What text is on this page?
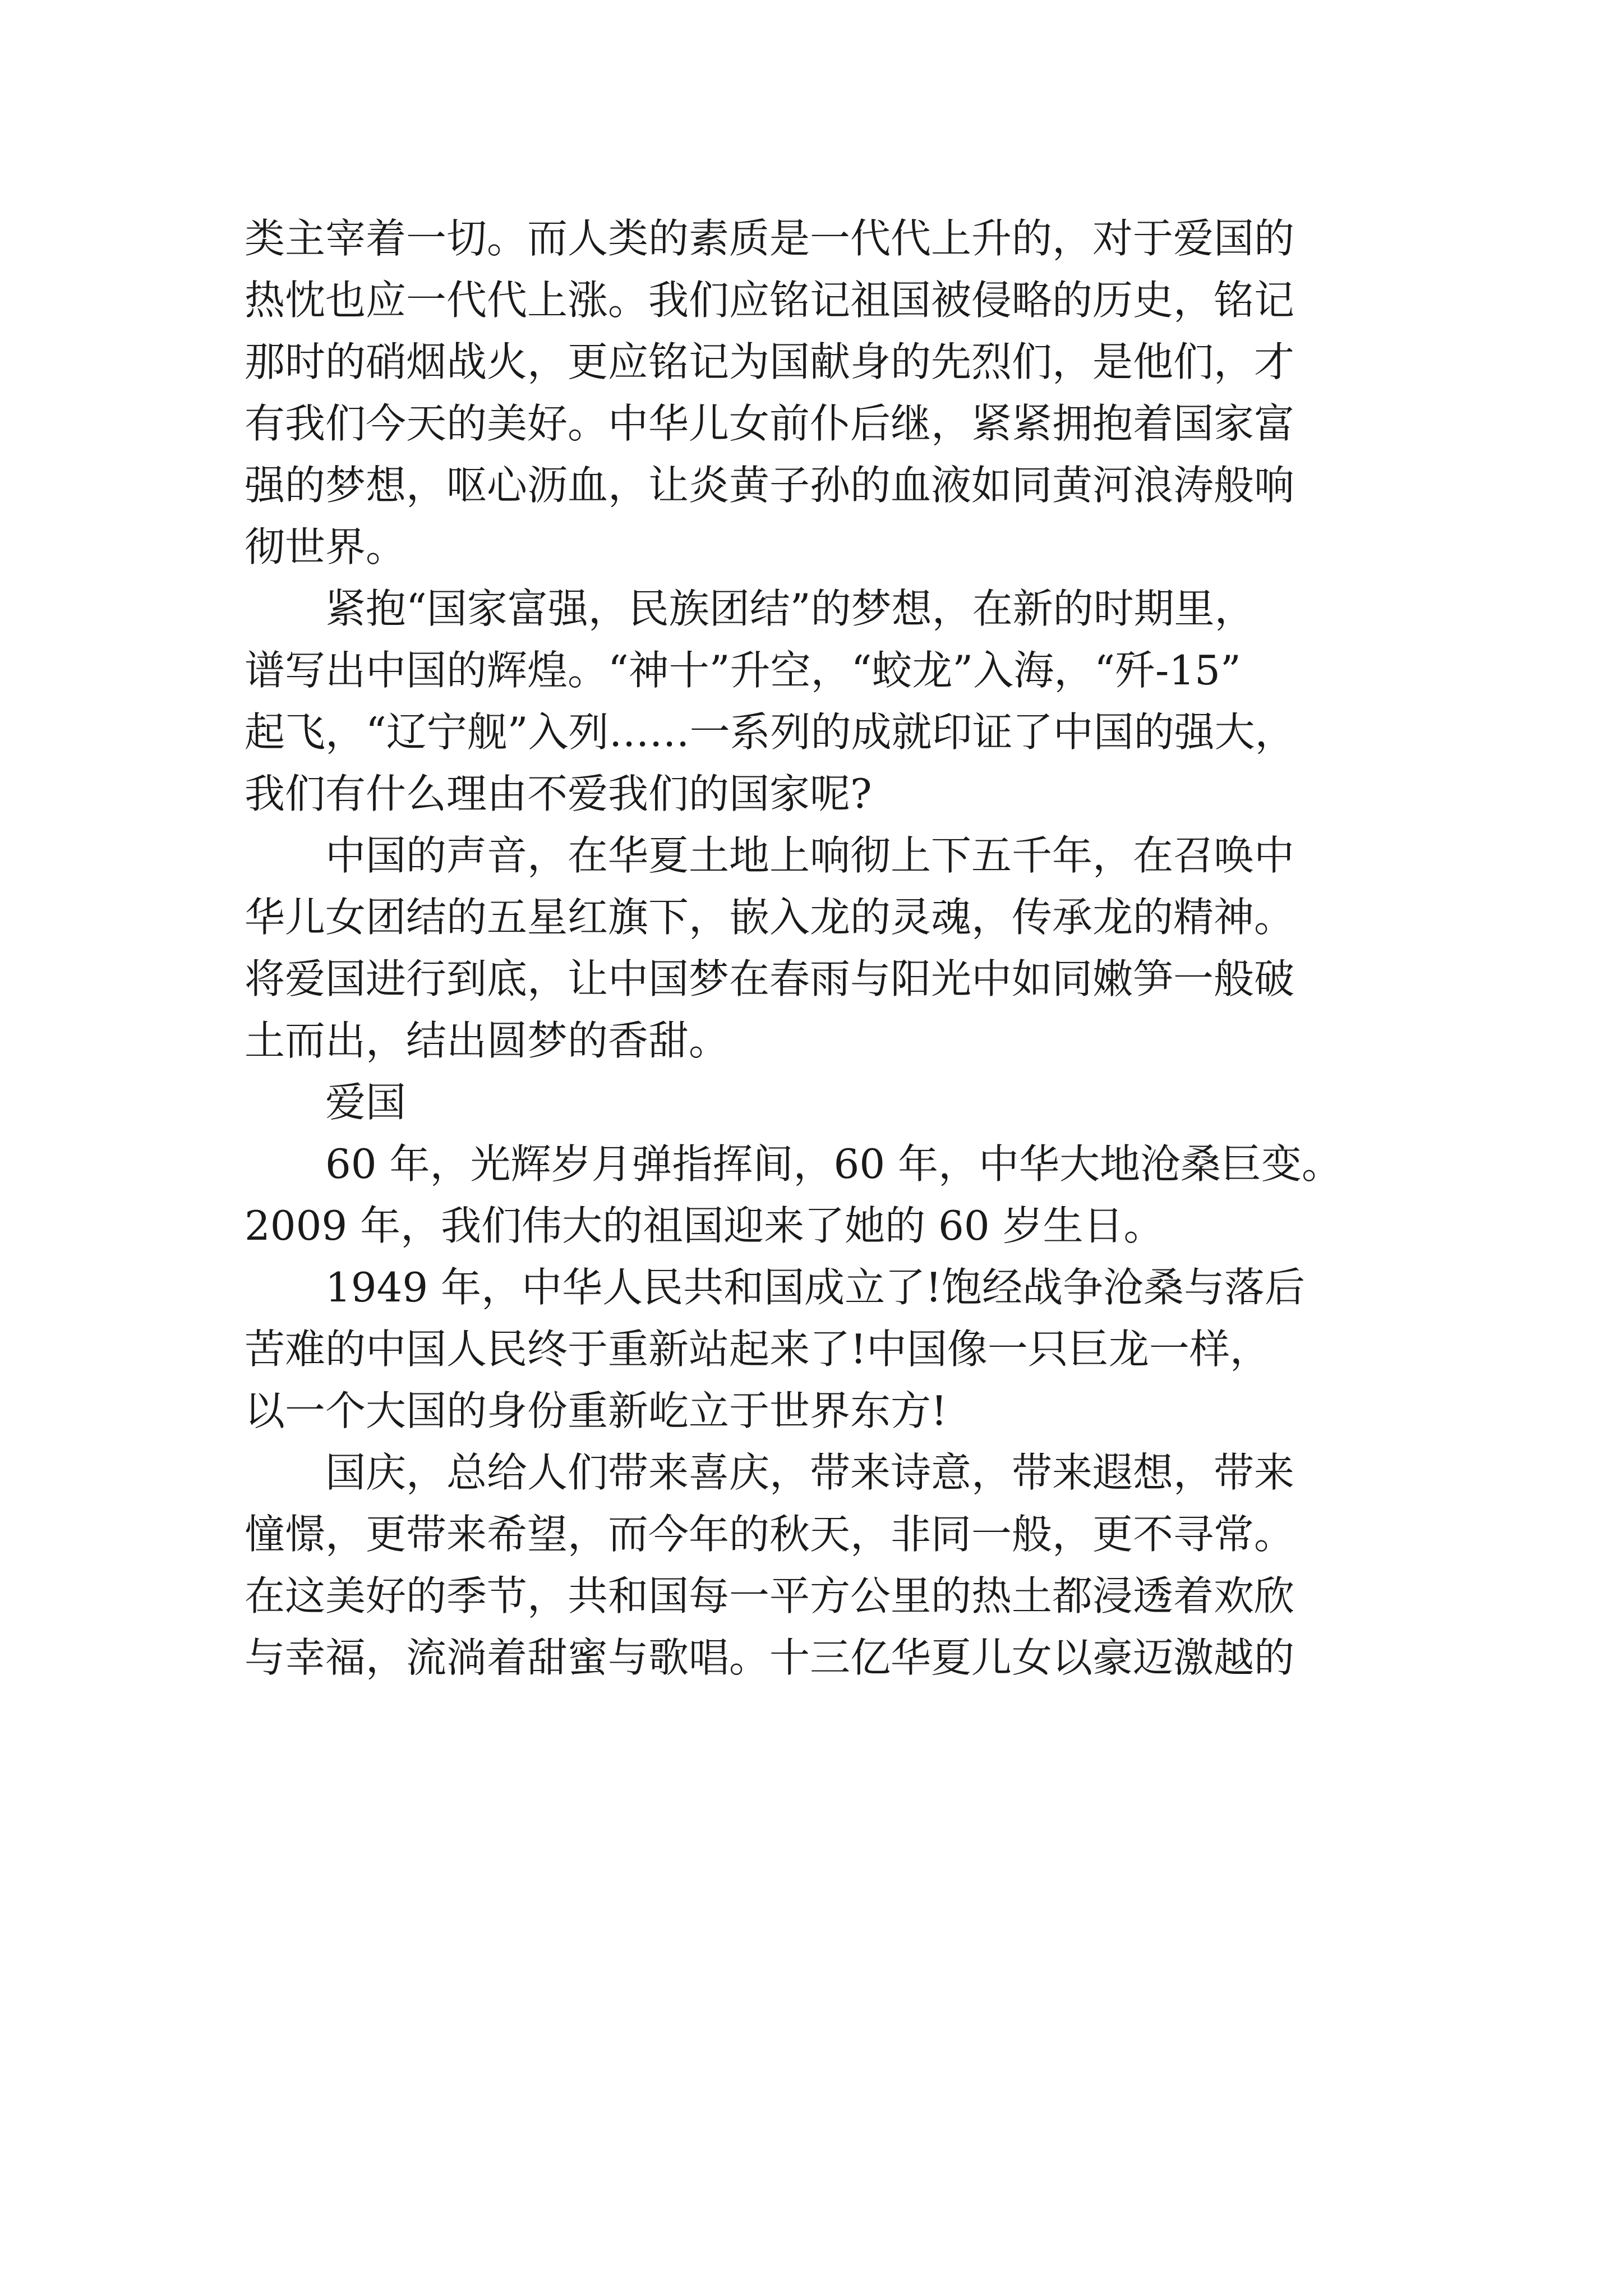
类主宰着一切。而人类的素质是一代代上升的，对于爱国的
热忱也应一代代上涨。我们应铭记祖国被侵略的历史，铭记
那时的硝烟战火，更应铭记为国献身的先烈们，是他们，才
有我们今天的美好。中华儿女前仆后继，紧紧拥抱着国家富
强的梦想，呕心沥血，让炎黄子孙的血液如同黄河浪涛般响
彻世界。
　　紧抱“国家富强，民族团结”的梦想，在新的时期里，
谱写出中国的辉煌。“神十”升空，“蛟龙”入海，“歼-15”
起飞，“辽宁舰”入列……一系列的成就印证了中国的强大，
我们有什么理由不爱我们的国家呢?
　　中国的声音，在华夏土地上响彻上下五千年，在召唤中
华儿女团结的五星红旗下，嵌入龙的灵魂，传承龙的精神。
将爱国进行到底，让中国梦在春雨与阳光中如同嫩笋一般破
土而出，结出圆梦的香甜。
　　爱国
　　60 年，光辉岁月弹指挥间，60 年，中华大地沧桑巨变。
2009 年，我们伟大的祖国迎来了她的 60 岁生日。
　　1949 年，中华人民共和国成立了!饱经战争沧桑与落后
苦难的中国人民终于重新站起来了!中国像一只巨龙一样，
以一个大国的身份重新屹立于世界东方!
　　国庆，总给人们带来喜庆，带来诗意，带来遐想，带来
憧憬，更带来希望，而今年的秋天，非同一般，更不寻常。
在这美好的季节，共和国每一平方公里的热土都浸透着欢欣
与幸福，流淌着甜蜜与歌唱。十三亿华夏儿女以豪迈激越的
